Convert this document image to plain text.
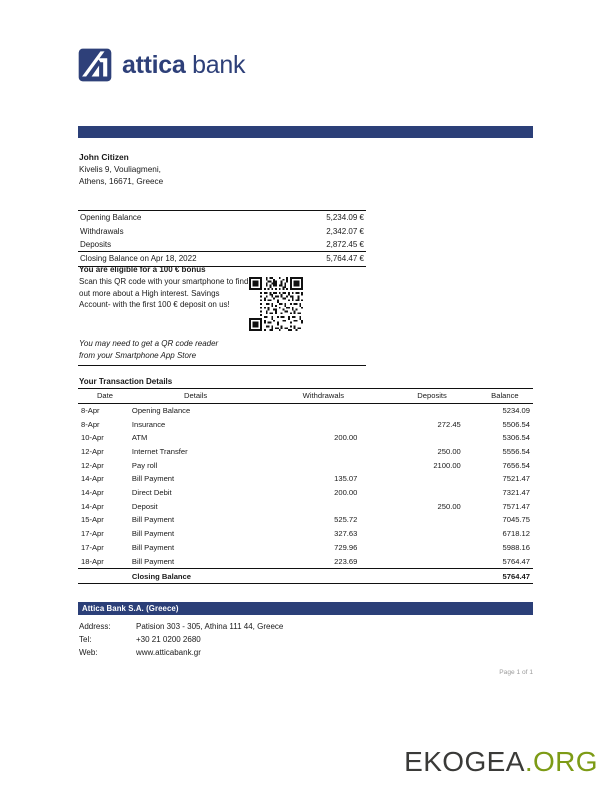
attica bank
John Citizen
Kivelis 9, Vouliagmeni,
Athens, 16671, Greece
Opening Balance	5,234.09 €
Withdrawals	2,342.07 €
Deposits	2,872.45 €
Closing Balance on Apr 18, 2022	5,764.47 €
You are eligible for a 100 € bonus
Scan this QR code with your smartphone to find out more about a High interest. Savings Account- with the first 100 € deposit on us!
You may need to get a QR code reader
from your Smartphone App Store
Your Transaction Details
Date	Details	Withdrawals	Deposits	Balance
8-Apr	Opening Balance			5234.09
8-Apr	Insurance		272.45	5506.54
10-Apr	ATM	200.00		5306.54
12-Apr	Internet Transfer		250.00	5556.54
12-Apr	Pay roll		2100.00	7656.54
14-Apr	Bill Payment	135.07		7521.47
14-Apr	Direct Debit	200.00		7321.47
14-Apr	Deposit		250.00	7571.47
15-Apr	Bill Payment	525.72		7045.75
17-Apr	Bill Payment	327.63		6718.12
17-Apr	Bill Payment	729.96		5988.16
18-Apr	Bill Payment	223.69		5764.47
	Closing Balance			5764.47
Attica Bank S.A. (Greece)
Address:	Patision 303 - 305, Athina 111 44, Greece
Tel:	+30 21 0200 2680
Web:	www.atticabank.gr
Page 1 of 1
EKOGEA.ORG
